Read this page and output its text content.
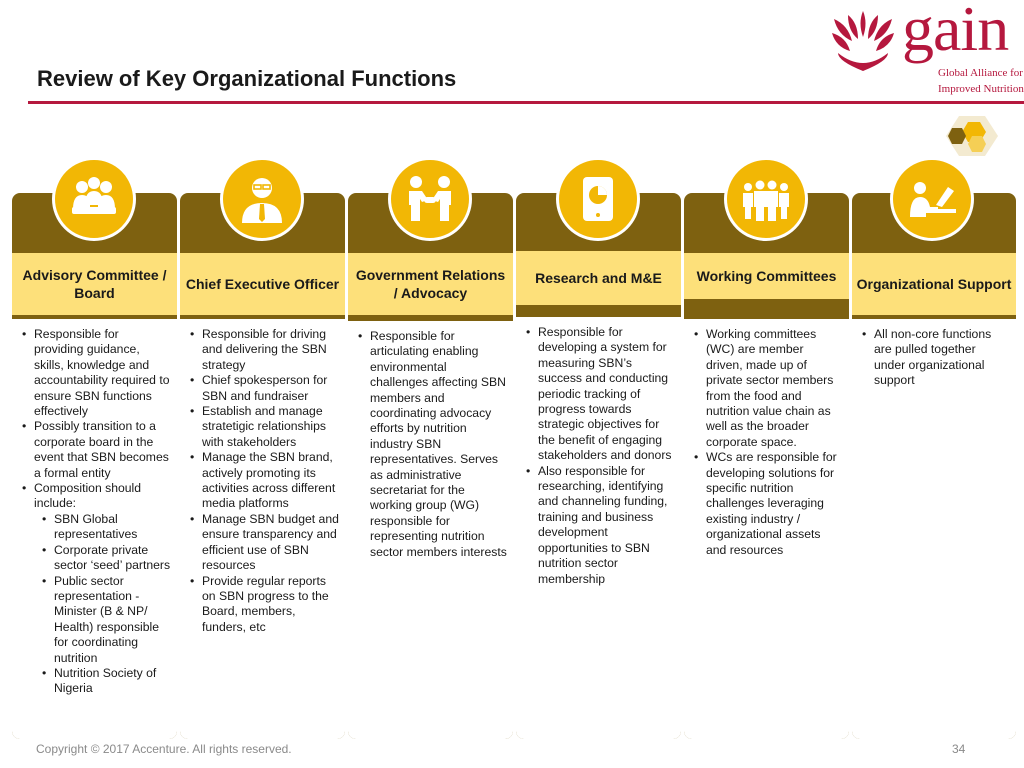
Review of Key Organizational Functions
gain
Global Alliance for
Improved Nutrition
Advisory Committee / Board
• Responsible for providing guidance, skills, knowledge and accountability required to ensure SBN functions effectively
• Possibly transition to a corporate board in the event that SBN becomes a formal entity
• Composition should include:
• SBN Global representatives
• Corporate private sector ‘seed’ partners
• Public sector representation - Minister (B & NP/ Health) responsible for coordinating nutrition
• Nutrition Society of Nigeria
Chief Executive Officer
• Responsible for driving and delivering the SBN strategy
• Chief spokesperson for SBN and fundraiser
• Establish and manage stratetigic relationships with stakeholders
• Manage the SBN brand, actively promoting its activities across different media platforms
• Manage SBN budget and ensure transparency and efficient use of SBN resources
• Provide regular reports on SBN progress to the Board, members, funders, etc
Government Relations / Advocacy
• Responsible for articulating enabling environmental challenges affecting SBN members and coordinating advocacy efforts by nutrition industry SBN representatives. Serves as administrative secretariat for the working group (WG) responsible for representing nutrition sector members interests
Research and M&E
• Responsible for developing a system for measuring SBN’s success and conducting periodic tracking of progress towards strategic objectives for the benefit of engaging stakeholders and donors
• Also responsible for researching, identifying and channeling funding, training and business development opportunities to SBN nutrition sector membership
Working Committees
• Working committees (WC) are member driven, made up of private sector members from the food and nutrition value chain as well as the broader corporate space.
• WCs are responsible for developing solutions for specific nutrition challenges leveraging existing industry / organizational assets and resources
Organizational Support
• All non-core functions are pulled together under organizational support
Copyright © 2017 Accenture. All rights reserved.	34
